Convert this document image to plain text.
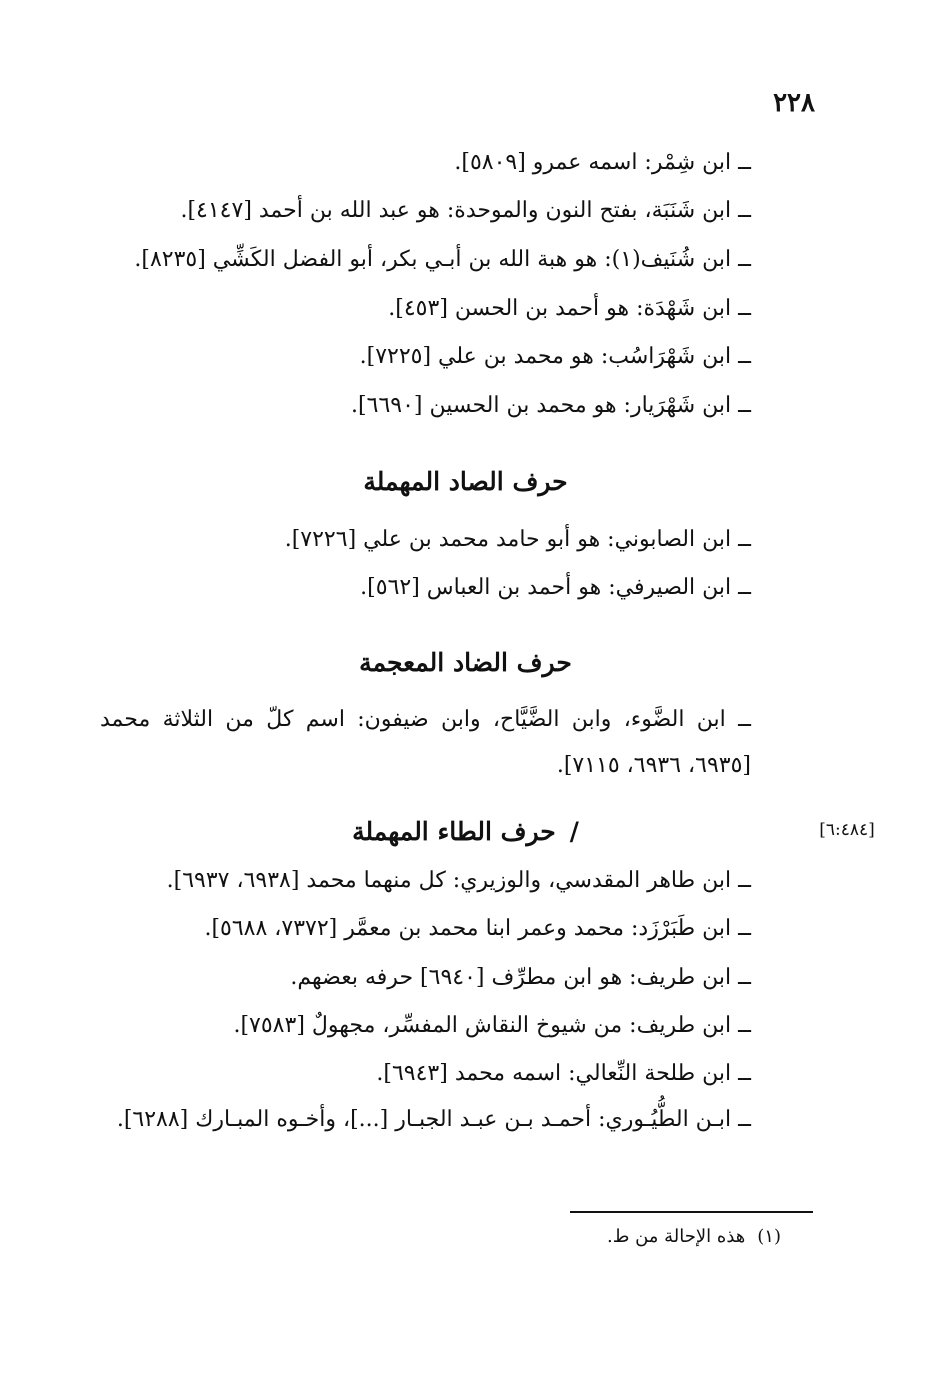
٢٢٨
ــ ابن شِمْر: اسمه عمرو [٥٨٠٩].
ــ ابن شَنَبَة، بفتح النون والموحدة: هو عبد الله بن أحمد [٤١٤٧].
ــ ابن شُنَيف(١): هو هبة الله بن أبـي بكر، أبو الفضل الكَشِّي [٨٢٣٥].
ــ ابن شَهْدَة: هو أحمد بن الحسن [٤٥٣].
ــ ابن شَهْرَاسُب: هو محمد بن علي [٧٢٢٥].
ــ ابن شَهْرَيار: هو محمد بن الحسين [٦٦٩٠].
حرف الصاد المهملة
ــ ابن الصابوني: هو أبو حامد محمد بن علي [٧٢٢٦].
ــ ابن الصيرفي: هو أحمد بن العباس [٥٦٢].
حرف الضاد المعجمة
ــ ابن الضَّوء، وابن الضَّيَّاح، وابن ضيفون: اسم كلّ من الثلاثة محمد [٦٩٣٥، ٦٩٣٦، ٧١١٥].
[٦:٤٨٤]
/حرف الطاء المهملة
ــ ابن طاهر المقدسي، والوزيري: كل منهما محمد [٦٩٣٨، ٦٩٣٧].
ــ ابن طَبَرْزَد: محمد وعمر ابنا محمد بن معمَّر [٧٣٧٢، ٥٦٨٨].
ــ ابن طريف: هو ابن مطرِّف [٦٩٤٠] حرفه بعضهم.
ــ ابن طريف: من شيوخ النقاش المفسِّر، مجهولٌ [٧٥٨٣].
ــ ابن طلحة النِّعالي: اسمه محمد [٦٩٤٣].
ــ ابـن الطُّيُـوري: أحمـد بـن عبـد الجبـار [...]، وأخـوه المبـارك [٦٢٨٨].
(١)هذه الإحالة من ط.
